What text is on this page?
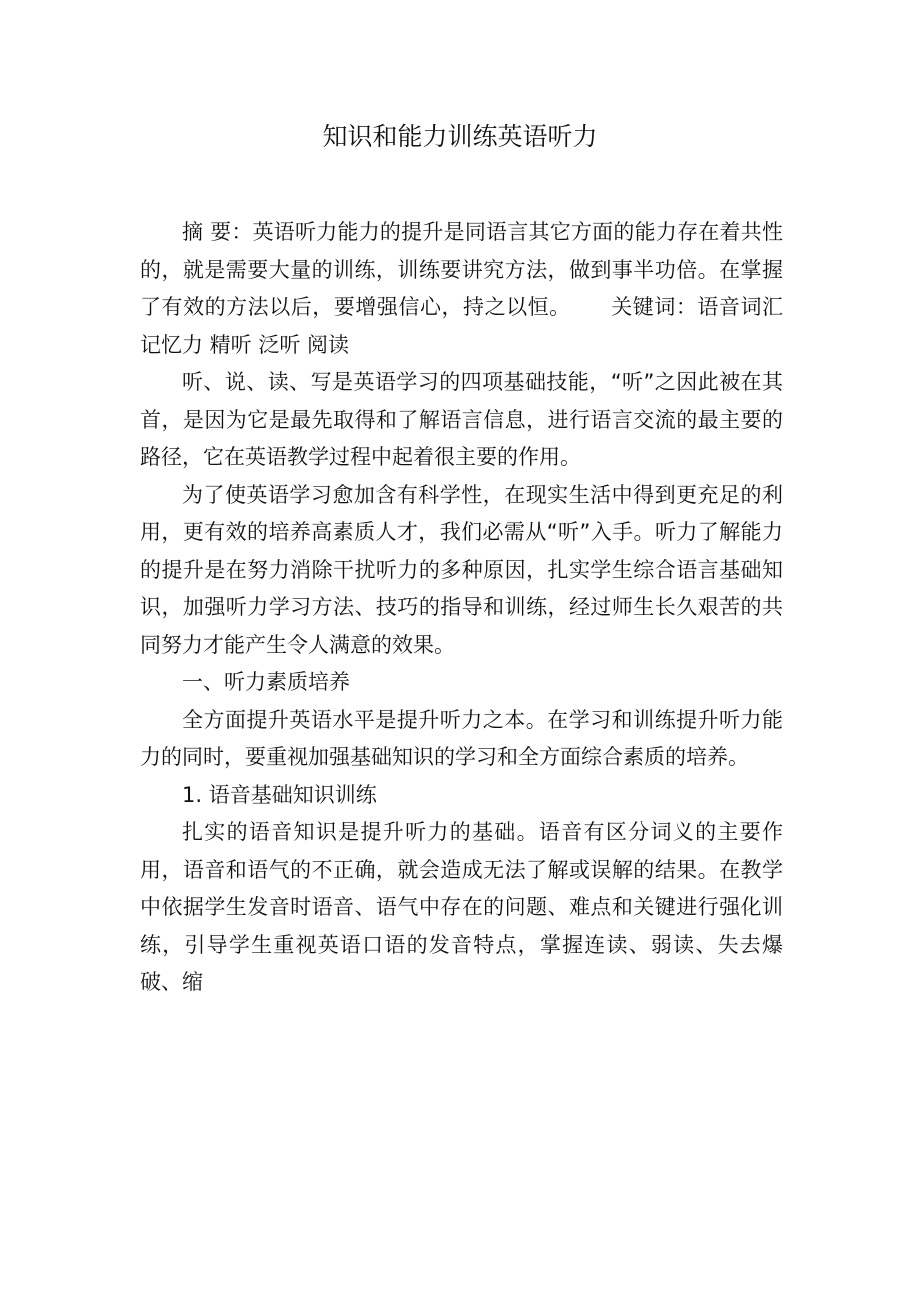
知识和能力训练英语听力

摘 要：英语听力能力的提升是同语言其它方面的能力存在着共性的，就是需要大量的训练，训练要讲究方法，做到事半功倍。在掌握了有效的方法以后，要增强信心，持之以恒。 关键词：语音词汇 记忆力 精听 泛听 阅读

听、说、读、写是英语学习的四项基础技能，“听”之因此被在其首，是因为它是最先取得和了解语言信息，进行语言交流的最主要的路径，它在英语教学过程中起着很主要的作用。

为了使英语学习愈加含有科学性，在现实生活中得到更充足的利用，更有效的培养高素质人才，我们必需从“听”入手。听力了解能力的提升是在努力消除干扰听力的多种原因，扎实学生综合语言基础知识，加强听力学习方法、技巧的指导和训练，经过师生长久艰苦的共同努力才能产生令人满意的效果。

一、听力素质培养

全方面提升英语水平是提升听力之本。在学习和训练提升听力能力的同时，要重视加强基础知识的学习和全方面综合素质的培养。

1. 语音基础知识训练

扎实的语音知识是提升听力的基础。语音有区分词义的主要作用，语音和语气的不正确，就会造成无法了解或误解的结果。在教学中依据学生发音时语音、语气中存在的问题、难点和关键进行强化训练，引导学生重视英语口语的发音特点，掌握连读、弱读、失去爆破、缩
